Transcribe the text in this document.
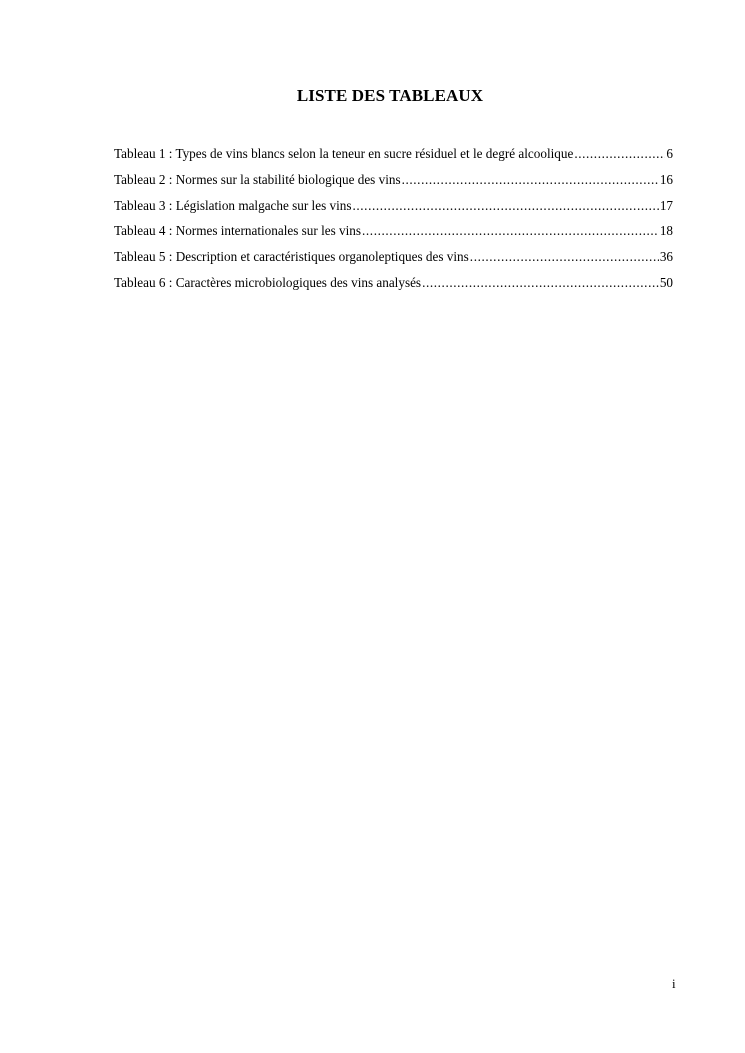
LISTE DES TABLEAUX
Tableau 1 : Types de vins blancs selon la teneur en sucre résiduel et le degré alcoolique .....	6
Tableau 2 : Normes sur la stabilité biologique des vins .....	16
Tableau 3 : Législation malgache sur les vins .....	17
Tableau 4 : Normes internationales sur les vins .....	18
Tableau 5 : Description et caractéristiques organoleptiques des vins .....	36
Tableau 6 : Caractères microbiologiques des vins analysés .....	50
i
